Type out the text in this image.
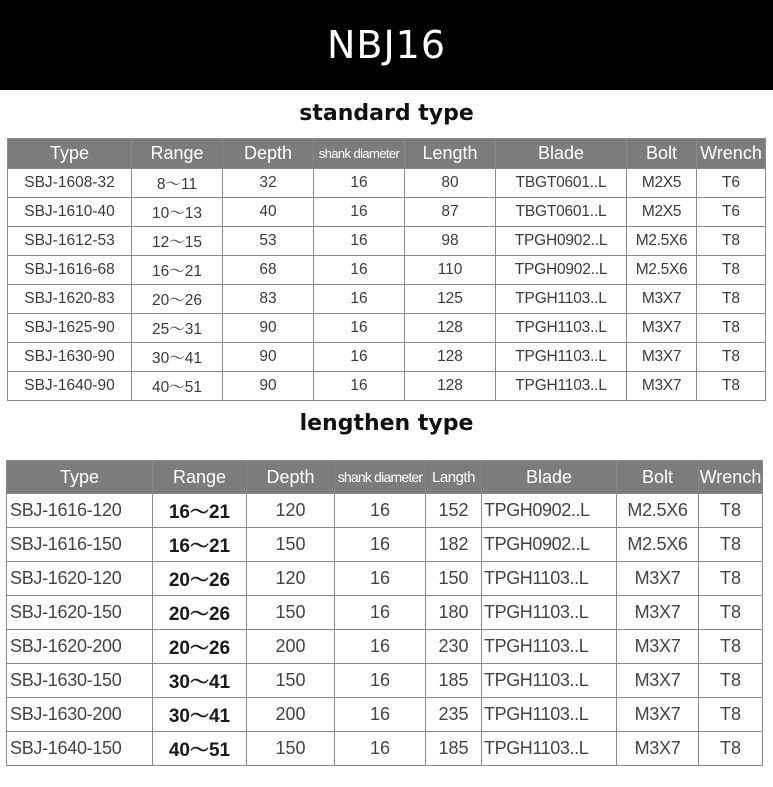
NBJ16
standard type
Type	Range	Depth	shank diameter	Length	Blade	Bolt	Wrench
SBJ-1608-32	8～11	32	16	80	TBGT0601..L	M2X5	T6
SBJ-1610-40	10～13	40	16	87	TBGT0601..L	M2X5	T6
SBJ-1612-53	12～15	53	16	98	TPGH0902..L	M2.5X6	T8
SBJ-1616-68	16～21	68	16	110	TPGH0902..L	M2.5X6	T8
SBJ-1620-83	20～26	83	16	125	TPGH1103..L	M3X7	T8
SBJ-1625-90	25～31	90	16	128	TPGH1103..L	M3X7	T8
SBJ-1630-90	30～41	90	16	128	TPGH1103..L	M3X7	T8
SBJ-1640-90	40～51	90	16	128	TPGH1103..L	M3X7	T8
lengthen type
Type	Range	Depth	shank diameter	Langth	Blade	Bolt	Wrench
SBJ-1616-120	16～21	120	16	152	TPGH0902..L	M2.5X6	T8
SBJ-1616-150	16～21	150	16	182	TPGH0902..L	M2.5X6	T8
SBJ-1620-120	20～26	120	16	150	TPGH1103..L	M3X7	T8
SBJ-1620-150	20～26	150	16	180	TPGH1103..L	M3X7	T8
SBJ-1620-200	20～26	200	16	230	TPGH1103..L	M3X7	T8
SBJ-1630-150	30～41	150	16	185	TPGH1103..L	M3X7	T8
SBJ-1630-200	30～41	200	16	235	TPGH1103..L	M3X7	T8
SBJ-1640-150	40～51	150	16	185	TPGH1103..L	M3X7	T8
